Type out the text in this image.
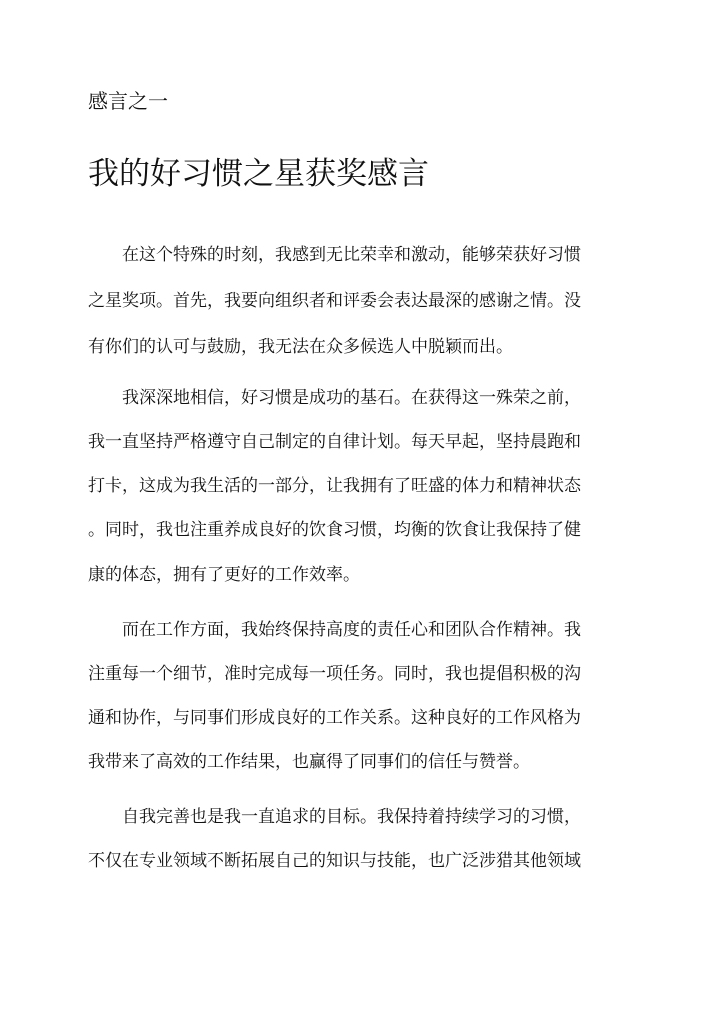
感言之一
我的好习惯之星获奖感言
在这个特殊的时刻，我感到无比荣幸和激动，能够荣获好习惯
之星奖项。首先，我要向组织者和评委会表达最深的感谢之情。没
有你们的认可与鼓励，我无法在众多候选人中脱颖而出。
我深深地相信，好习惯是成功的基石。在获得这一殊荣之前，
我一直坚持严格遵守自己制定的自律计划。每天早起，坚持晨跑和
打卡，这成为我生活的一部分，让我拥有了旺盛的体力和精神状态
。同时，我也注重养成良好的饮食习惯，均衡的饮食让我保持了健
康的体态，拥有了更好的工作效率。
而在工作方面，我始终保持高度的责任心和团队合作精神。我
注重每一个细节，准时完成每一项任务。同时，我也提倡积极的沟
通和协作，与同事们形成良好的工作关系。这种良好的工作风格为
我带来了高效的工作结果，也赢得了同事们的信任与赞誉。
自我完善也是我一直追求的目标。我保持着持续学习的习惯，
不仅在专业领域不断拓展自己的知识与技能，也广泛涉猎其他领域
